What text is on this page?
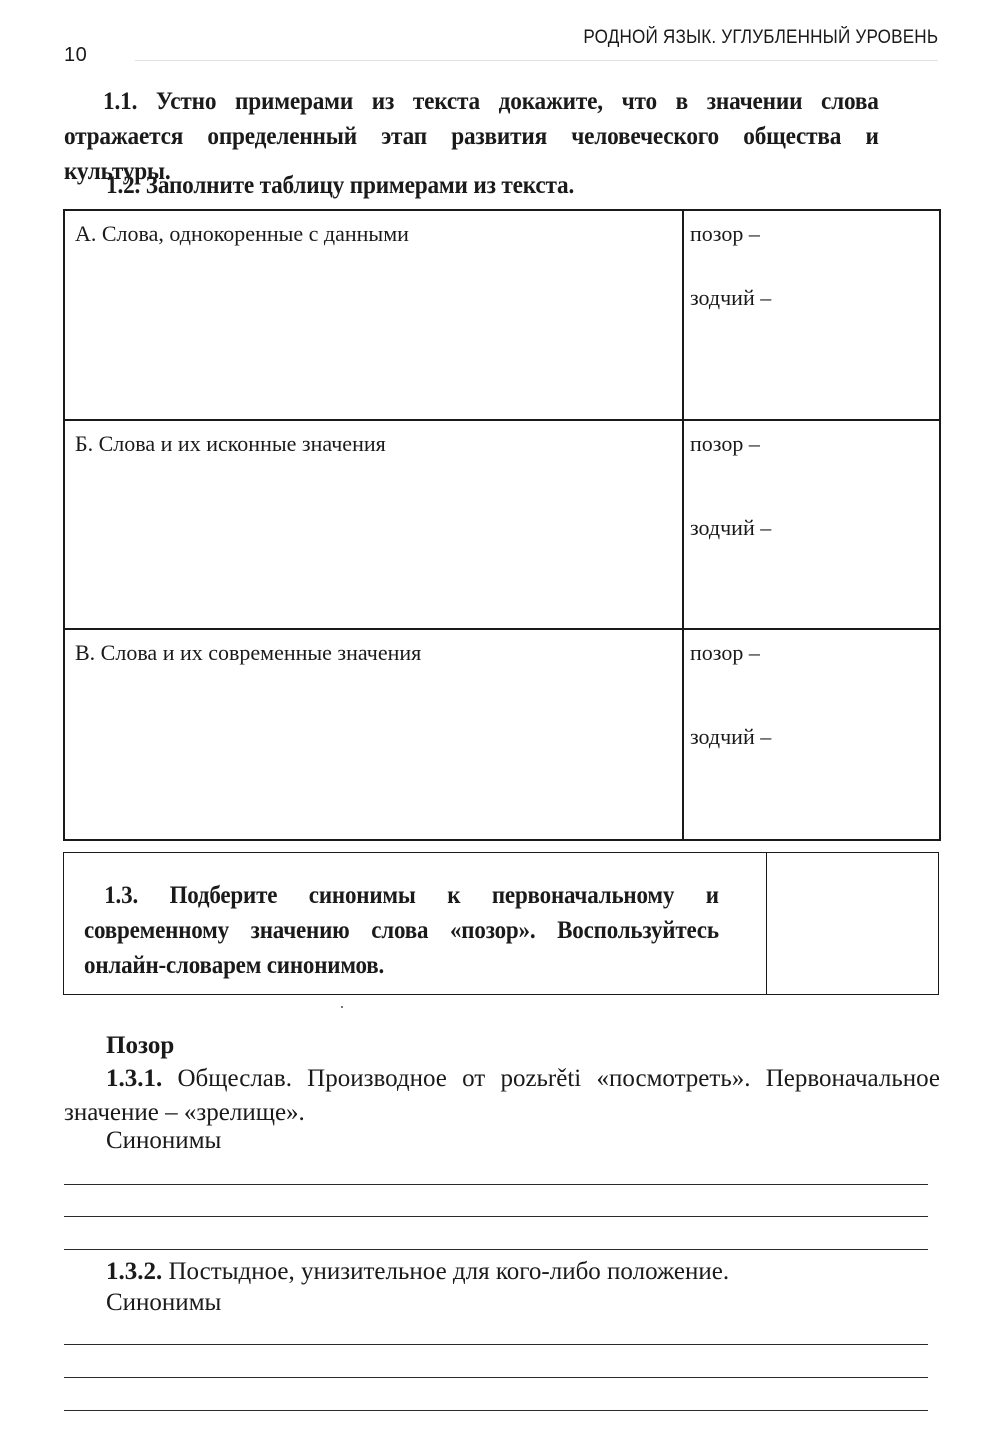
10
РОДНОЙ ЯЗЫК. УГЛУБЛЕННЫЙ УРОВЕНЬ
1.1. Устно примерами из текста докажите, что в значении слова отражается определенный этап развития человеческого общества и культуры.
1.2. Заполните таблицу примерами из текста.
А. Слова, однокоренные с данными	позор –
зодчий –

Б. Слова и их исконные значения	позор –
зодчий –

В. Слова и их современные значения	позор –
зодчий –
1.3. Подберите синонимы к первоначальному и современному значению слова «позор». Воспользуйтесь онлайн-словарем синонимов.
Позор
1.3.1. Общеслав. Производное от pozьrěti «посмотреть». Первоначальное значение – «зрелище».
Синонимы
1.3.2. Постыдное, унизительное для кого-либо положение.
Синонимы
